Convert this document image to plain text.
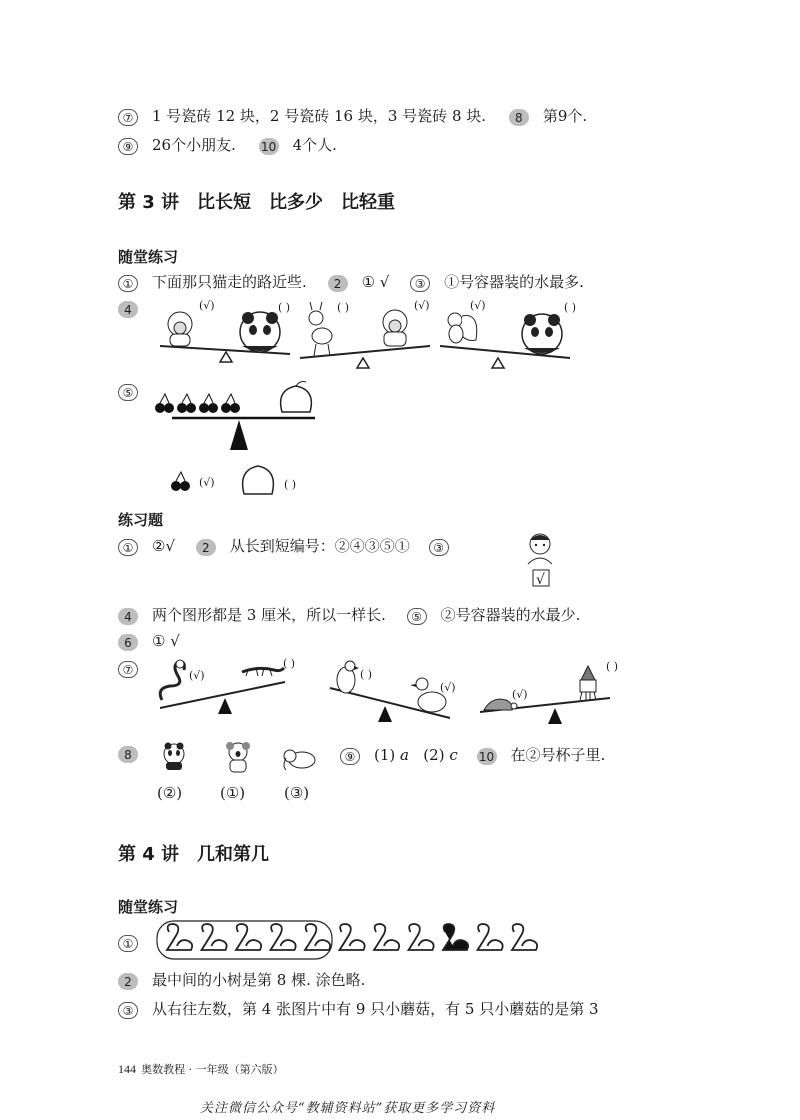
⑦ 1 号瓷砖 12 块，2 号瓷砖 16 块，3 号瓷砖 8 块. 8 第9个.
⑨ 26个小朋友. 10 4个人.
第 3 讲　比长短　比多少　比轻重
随堂练习
① 下面那只猫走的路近些. 2 ① √ ③ ①号容器装的水最多.
4	(√)	( )	( )	(√)	(√)	( )
⑤
(√)	( )
练习题
① ②√ 2 从长到短编号：②④③⑤① ③
√
4 两个图形都是 3 厘米，所以一样长. ⑤ ②号容器装的水最少.
6 ① √
⑦	(√)
( )
( )
(√)
(√)
( )
8
(②)	(①)	(③)
⑨ (1) a (2) c 10 在②号杯子里.
第 4 讲　几和第几
随堂练习
①
2 最中间的小树是第 8 棵. 涂色略.
③ 从右往左数，第 4 张图片中有 9 只小蘑菇，有 5 只小蘑菇的是第 3
144 奥数教程 · 一年级（第六版）
关注微信公众号“教辅资料站”获取更多学习资料
